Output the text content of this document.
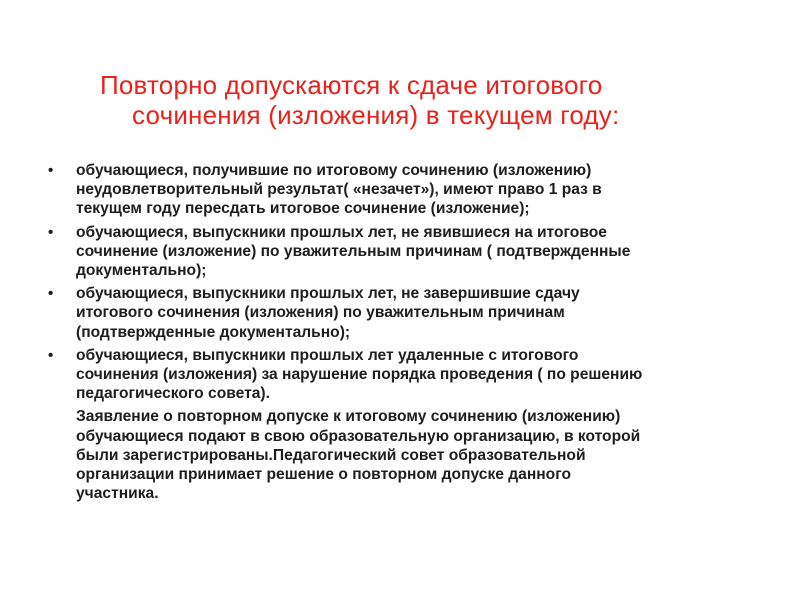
Повторно допускаются к сдаче итогового
сочинения (изложения) в текущем году:
•	обучающиеся, получившие по итоговому сочинению (изложению)
неудовлетворительный результат( «незачет»), имеют право 1 раз в
текущем году пересдать итоговое сочинение (изложение);
•	обучающиеся, выпускники прошлых лет, не явившиеся на итоговое
сочинение (изложение) по уважительным причинам ( подтвержденные
документально);
•	обучающиеся, выпускники прошлых лет, не завершившие сдачу
итогового сочинения (изложения) по уважительным причинам
(подтвержденные документально);
•	обучающиеся, выпускники прошлых лет удаленные с итогового
сочинения (изложения) за нарушение порядка проведения ( по решению
педагогического совета).
Заявление о повторном допуске к итоговому сочинению (изложению)
обучающиеся подают в свою образовательную организацию, в которой
были зарегистрированы.Педагогический совет образовательной
организации принимает решение о повторном допуске данного
участника.
